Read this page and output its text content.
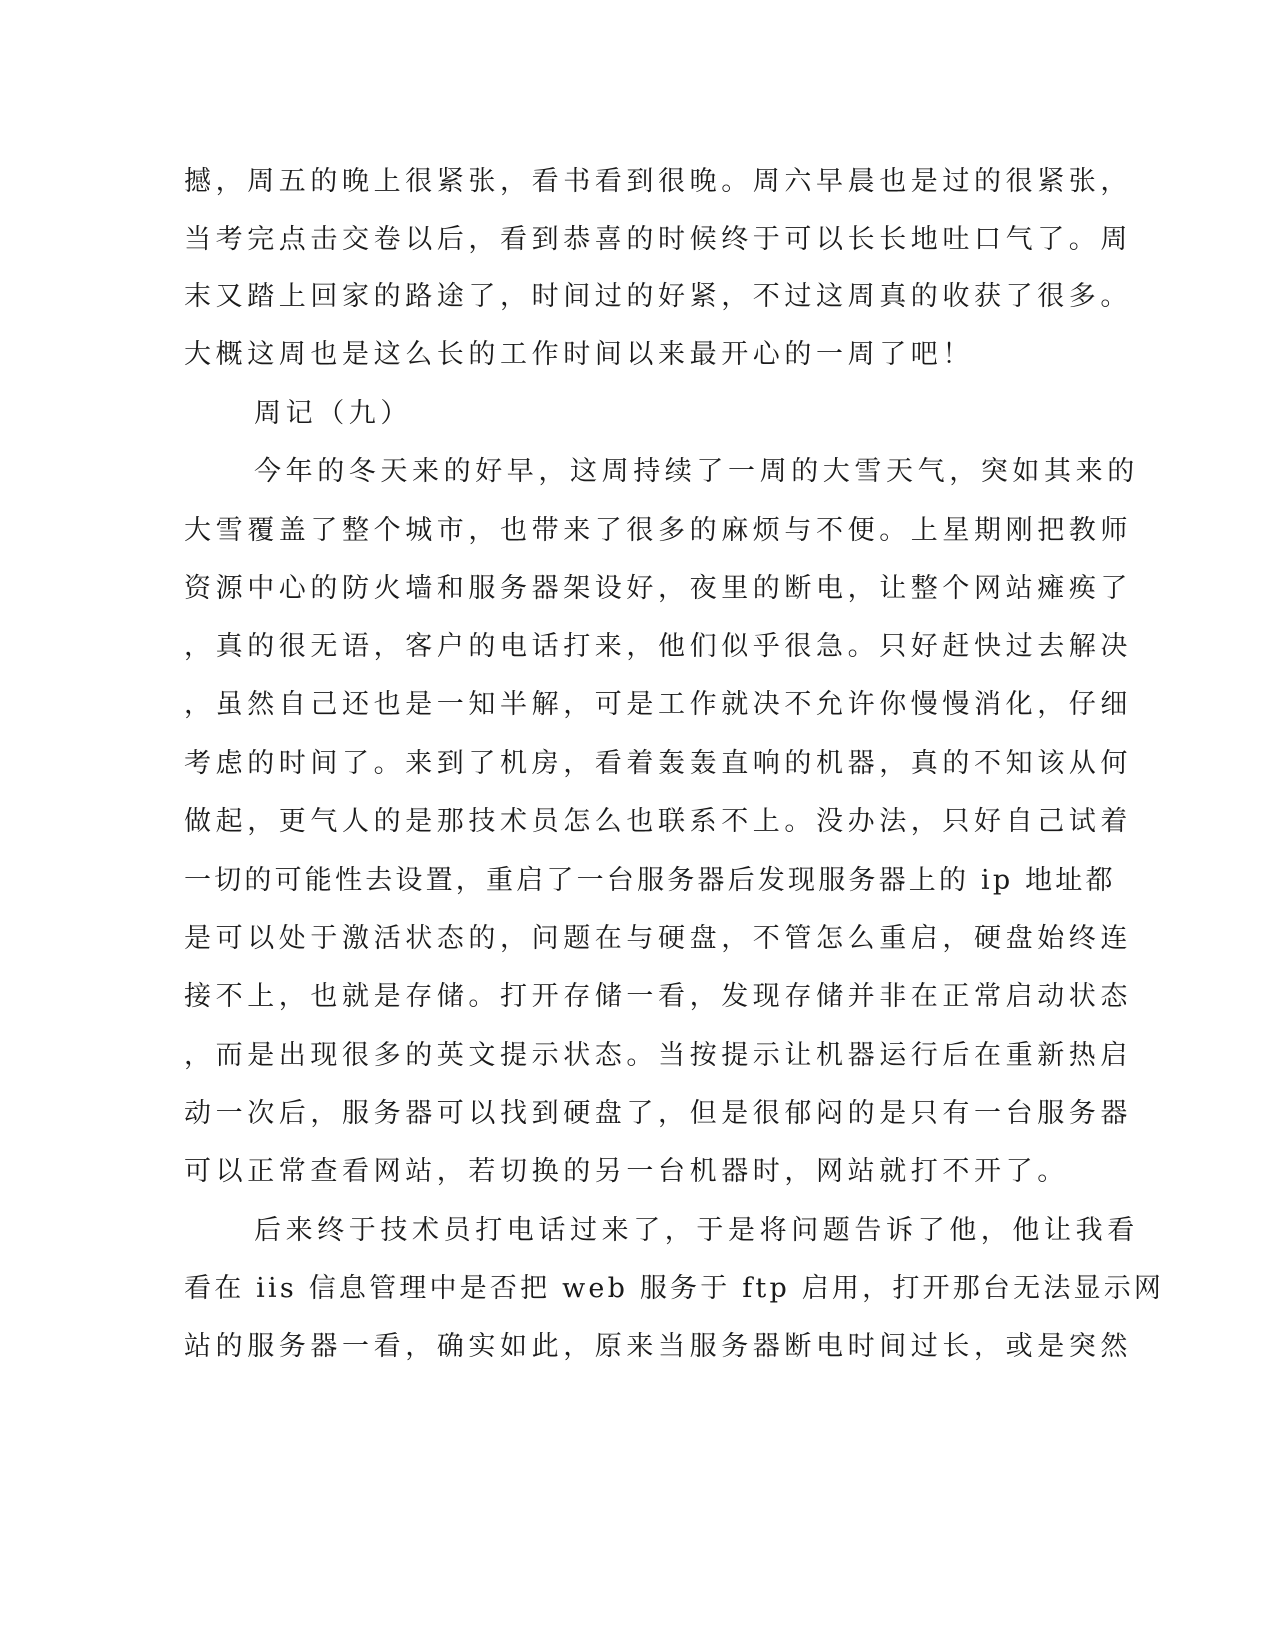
撼，周五的晚上很紧张，看书看到很晚。周六早晨也是过的很紧张，

当考完点击交卷以后，看到恭喜的时候终于可以长长地吐口气了。周

末又踏上回家的路途了，时间过的好紧，不过这周真的收获了很多。

大概这周也是这么长的工作时间以来最开心的一周了吧！

周记（九）

今年的冬天来的好早，这周持续了一周的大雪天气，突如其来的

大雪覆盖了整个城市，也带来了很多的麻烦与不便。上星期刚把教师

资源中心的防火墙和服务器架设好，夜里的断电，让整个网站瘫痪了

，真的很无语，客户的电话打来，他们似乎很急。只好赶快过去解决

，虽然自己还也是一知半解，可是工作就决不允许你慢慢消化，仔细

考虑的时间了。来到了机房，看着轰轰直响的机器，真的不知该从何

做起，更气人的是那技术员怎么也联系不上。没办法，只好自己试着

一切的可能性去设置，重启了一台服务器后发现服务器上的 ip 地址都

是可以处于激活状态的，问题在与硬盘，不管怎么重启，硬盘始终连

接不上，也就是存储。打开存储一看，发现存储并非在正常启动状态

，而是出现很多的英文提示状态。当按提示让机器运行后在重新热启

动一次后，服务器可以找到硬盘了，但是很郁闷的是只有一台服务器

可以正常查看网站，若切换的另一台机器时，网站就打不开了。

后来终于技术员打电话过来了，于是将问题告诉了他，他让我看

看在 iis 信息管理中是否把 web 服务于 ftp 启用，打开那台无法显示网

站的服务器一看，确实如此，原来当服务器断电时间过长，或是突然
